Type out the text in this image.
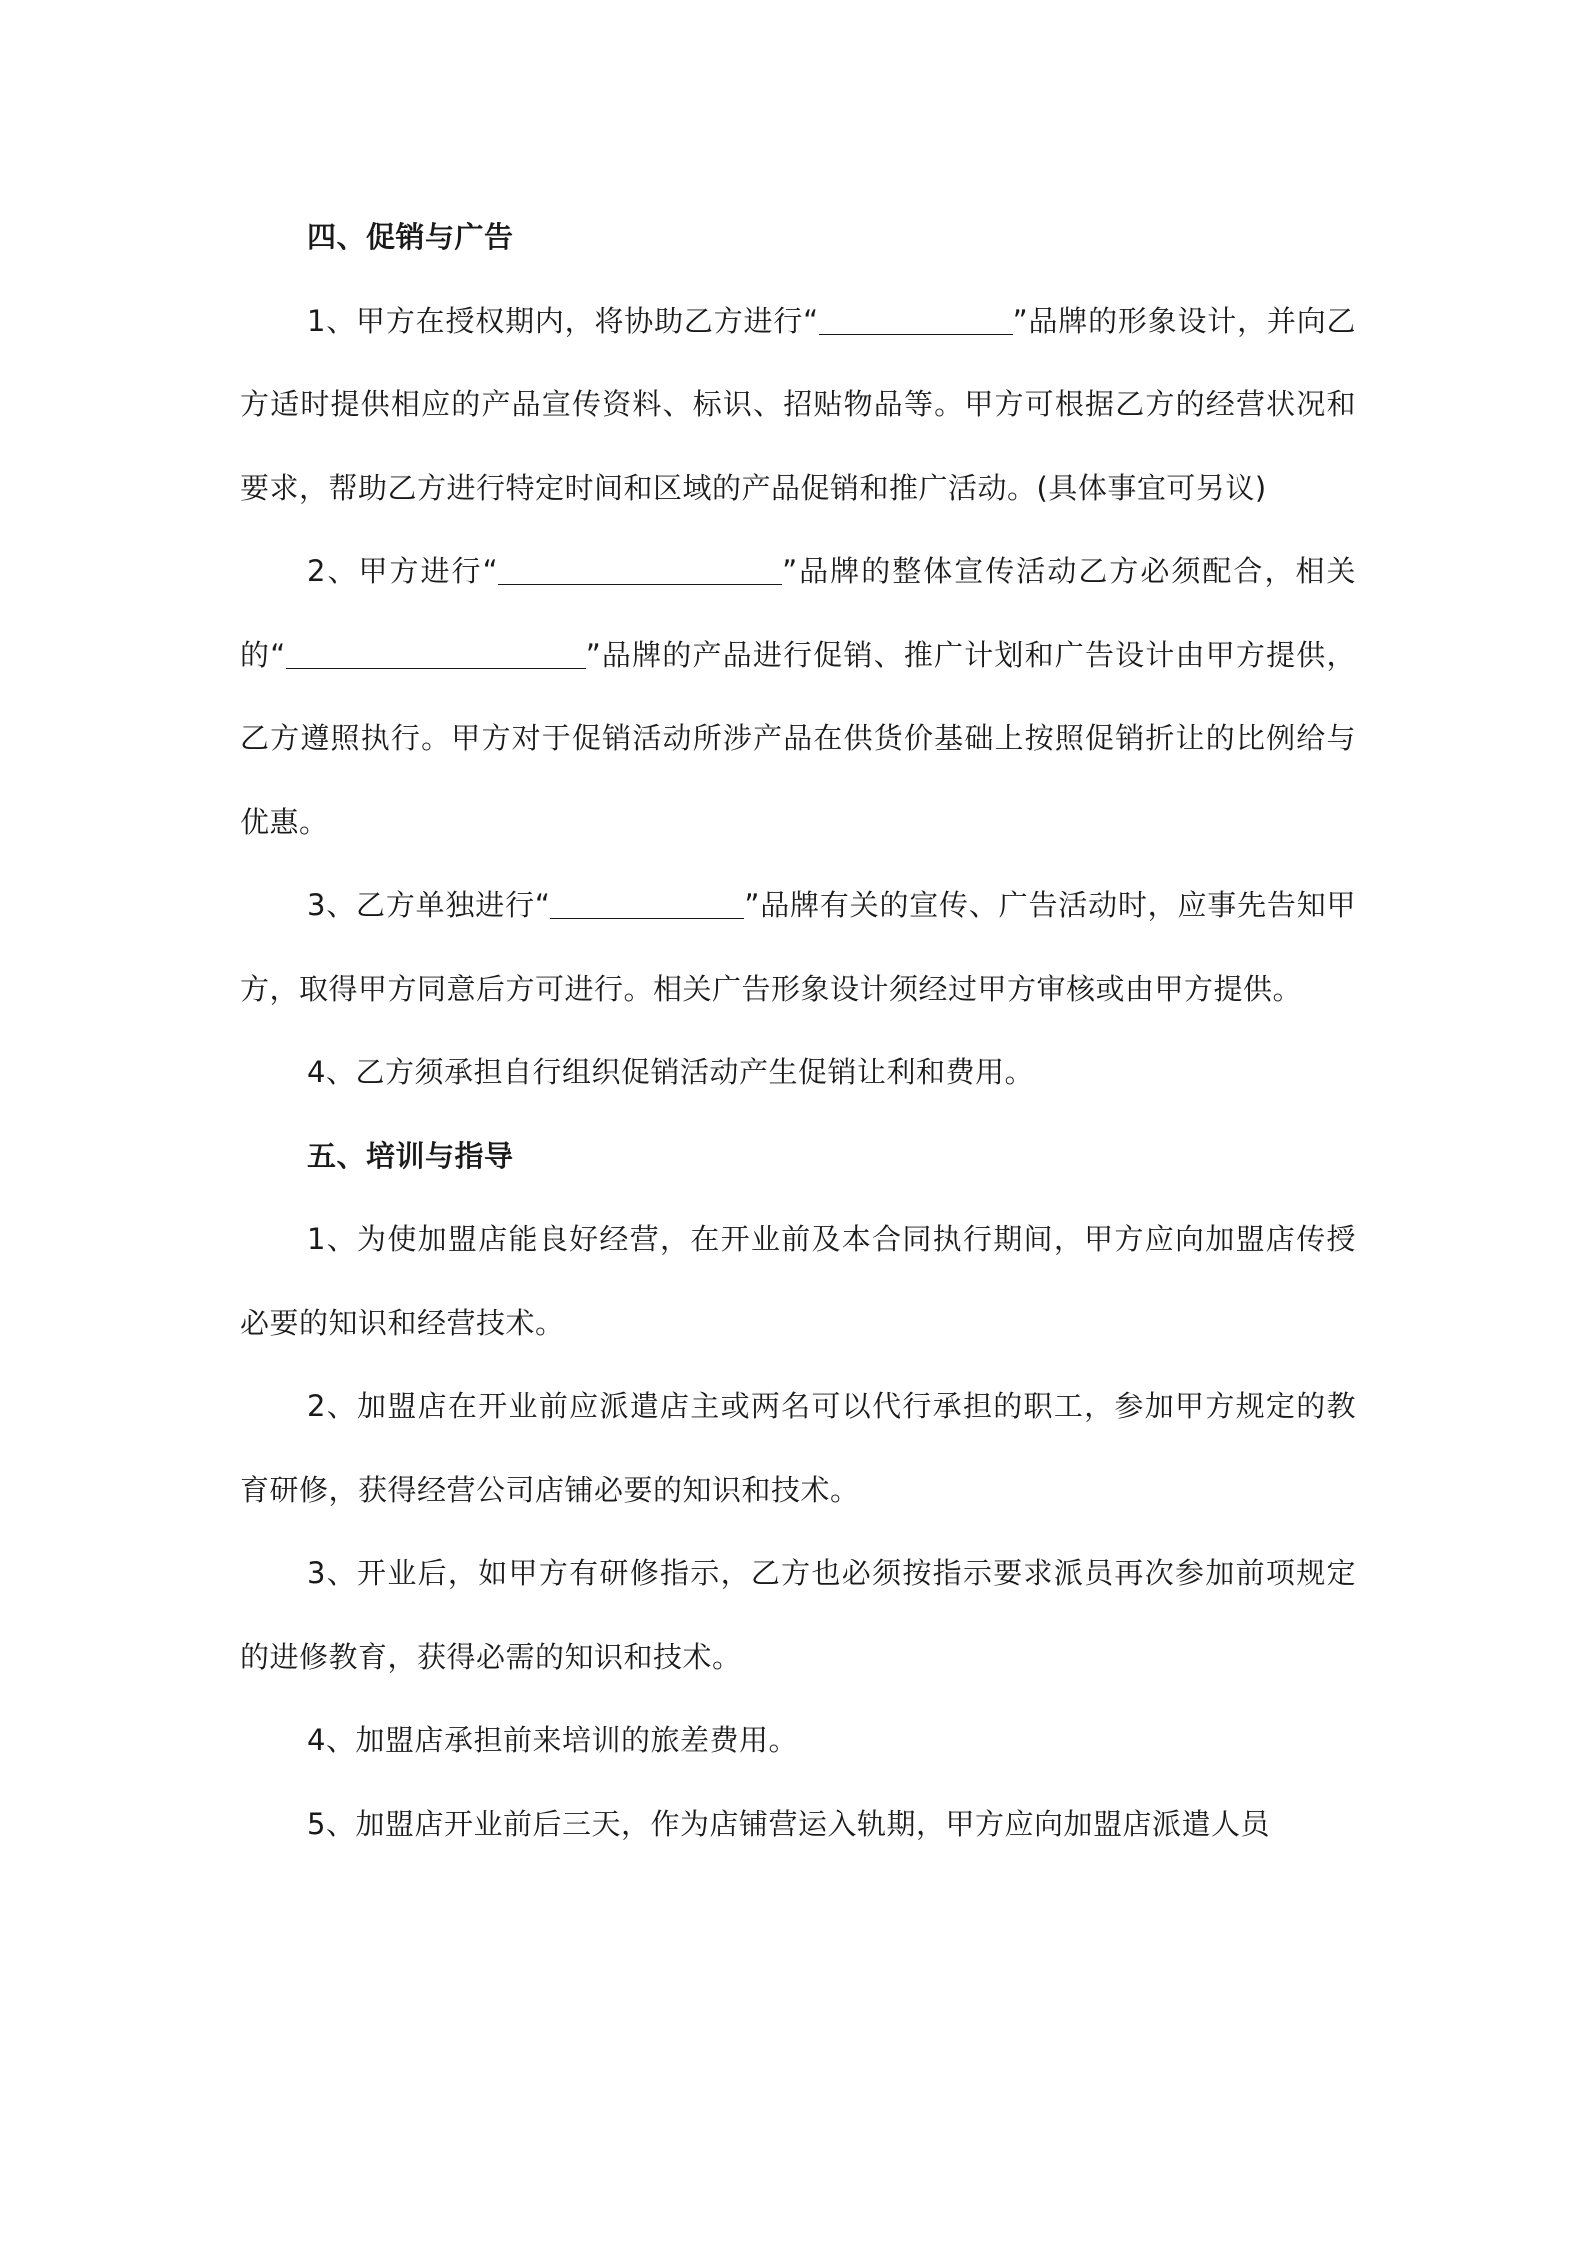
四、促销与广告

1、甲方在授权期内，将协助乙方进行“	”品牌的形象设计，并向乙方适时提供相应的产品宣传资料、标识、招贴物品等。甲方可根据乙方的经营状况和要求，帮助乙方进行特定时间和区域的产品促销和推广活动。(具体事宜可另议)

2、甲方进行“	”品牌的整体宣传活动乙方必须配合，相关的“	”品牌的产品进行促销、推广计划和广告设计由甲方提供，乙方遵照执行。甲方对于促销活动所涉产品在供货价基础上按照促销折让的比例给与优惠。

3、乙方单独进行“	”品牌有关的宣传、广告活动时，应事先告知甲方，取得甲方同意后方可进行。相关广告形象设计须经过甲方审核或由甲方提供。

4、乙方须承担自行组织促销活动产生促销让利和费用。

五、培训与指导

1、为使加盟店能良好经营，在开业前及本合同执行期间，甲方应向加盟店传授必要的知识和经营技术。

2、加盟店在开业前应派遣店主或两名可以代行承担的职工，参加甲方规定的教育研修，获得经营公司店铺必要的知识和技术。

3、开业后，如甲方有研修指示，乙方也必须按指示要求派员再次参加前项规定的进修教育，获得必需的知识和技术。

4、加盟店承担前来培训的旅差费用。

5、加盟店开业前后三天，作为店铺营运入轨期，甲方应向加盟店派遣人员
